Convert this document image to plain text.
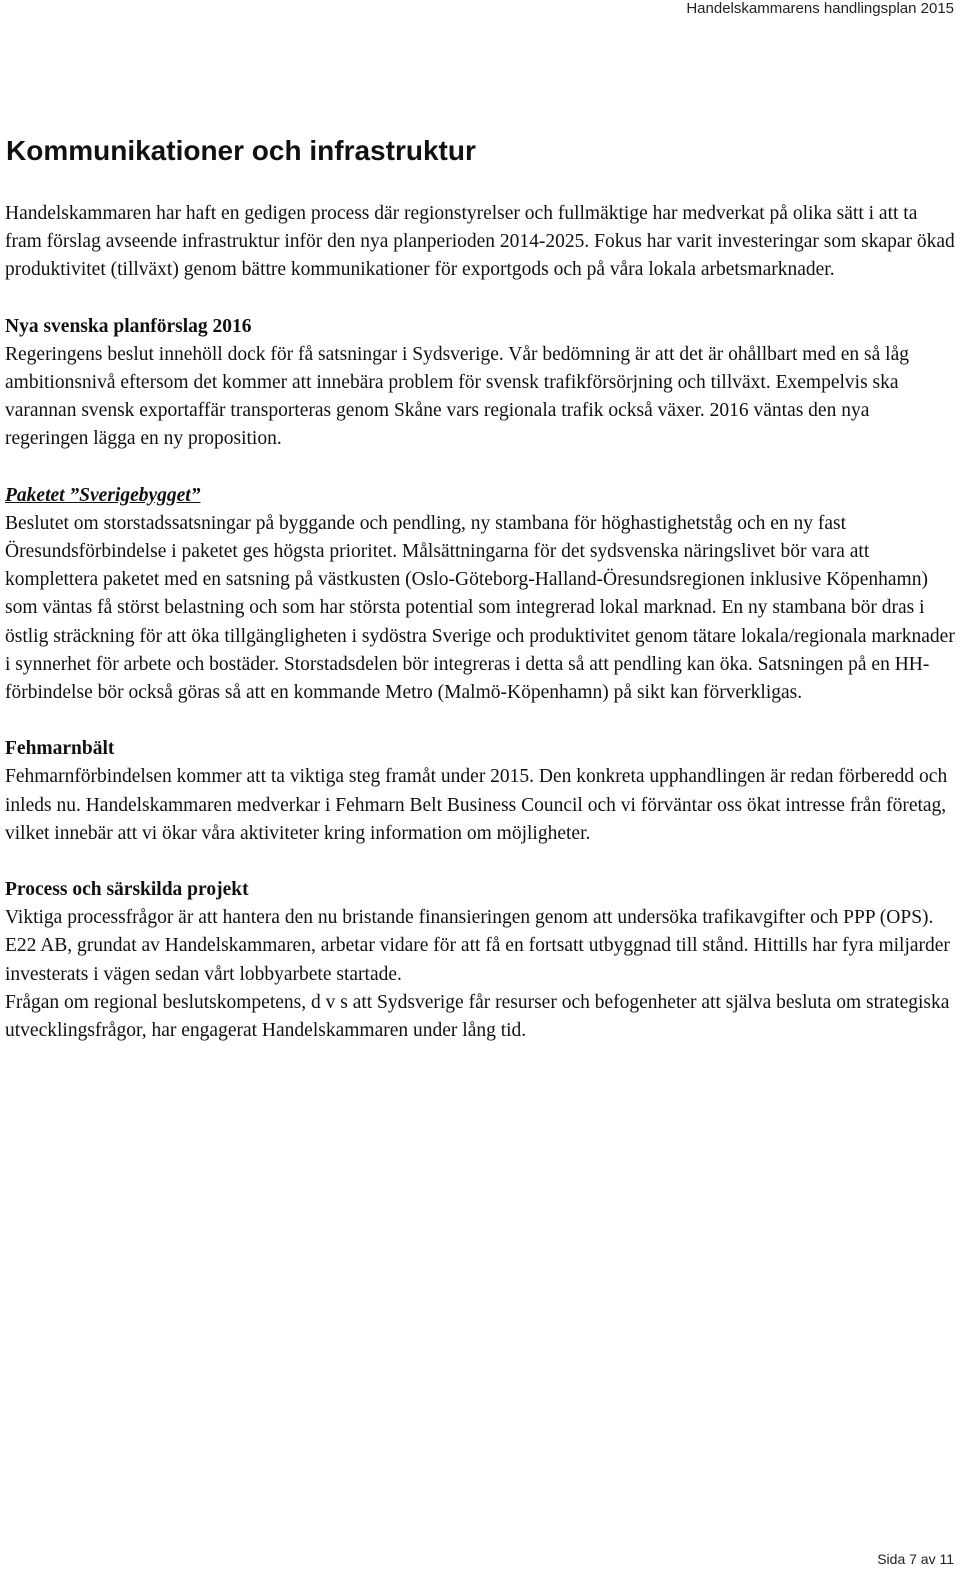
Handelskammarens handlingsplan 2015
Kommunikationer och infrastruktur

Handelskammaren har haft en gedigen process där regionstyrelser och fullmäktige har medverkat på olika sätt i att ta fram förslag avseende infrastruktur inför den nya planperioden 2014-2025. Fokus har varit investeringar som skapar ökad produktivitet (tillväxt) genom bättre kommunikationer för exportgods och på våra lokala arbetsmarknader.

Nya svenska planförslag 2016

Regeringens beslut innehöll dock för få satsningar i Sydsverige. Vår bedömning är att det är ohållbart med en så låg ambitionsnivå eftersom det kommer att innebära problem för svensk trafikförsörjning och tillväxt. Exempelvis ska varannan svensk exportaffär transporteras genom Skåne vars regionala trafik också växer. 2016 väntas den nya regeringen lägga en ny proposition.

Paketet ”Sverigebygget”

Beslutet om storstadssatsningar på byggande och pendling, ny stambana för höghastighetståg och en ny fast Öresundsförbindelse i paketet ges högsta prioritet. Målsättningarna för det sydsvenska näringslivet bör vara att komplettera paketet med en satsning på västkusten (Oslo-Göteborg-Halland-Öresundsregionen inklusive Köpenhamn) som väntas få störst belastning och som har största potential som integrerad lokal marknad. En ny stambana bör dras i östlig sträckning för att öka tillgängligheten i sydöstra Sverige och produktivitet genom tätare lokala/regionala marknader i synnerhet för arbete och bostäder. Storstadsdelen bör integreras i detta så att pendling kan öka. Satsningen på en HH-förbindelse bör också göras så att en kommande Metro (Malmö-Köpenhamn) på sikt kan förverkligas.

Fehmarnbält

Fehmarnförbindelsen kommer att ta viktiga steg framåt under 2015. Den konkreta upphandlingen är redan förberedd och inleds nu. Handelskammaren medverkar i Fehmarn Belt Business Council och vi förväntar oss ökat intresse från företag, vilket innebär att vi ökar våra aktiviteter kring information om möjligheter.

Process och särskilda projekt

Viktiga processfrågor är att hantera den nu bristande finansieringen genom att undersöka trafikavgifter och PPP (OPS). E22 AB, grundat av Handelskammaren, arbetar vidare för att få en fortsatt utbyggnad till stånd. Hittills har fyra miljarder investerats i vägen sedan vårt lobbyarbete startade.

Frågan om regional beslutskompetens, d v s att Sydsverige får resurser och befogenheter att själva besluta om strategiska utvecklingsfrågor, har engagerat Handelskammaren under lång tid.

Sida 7 av 11
